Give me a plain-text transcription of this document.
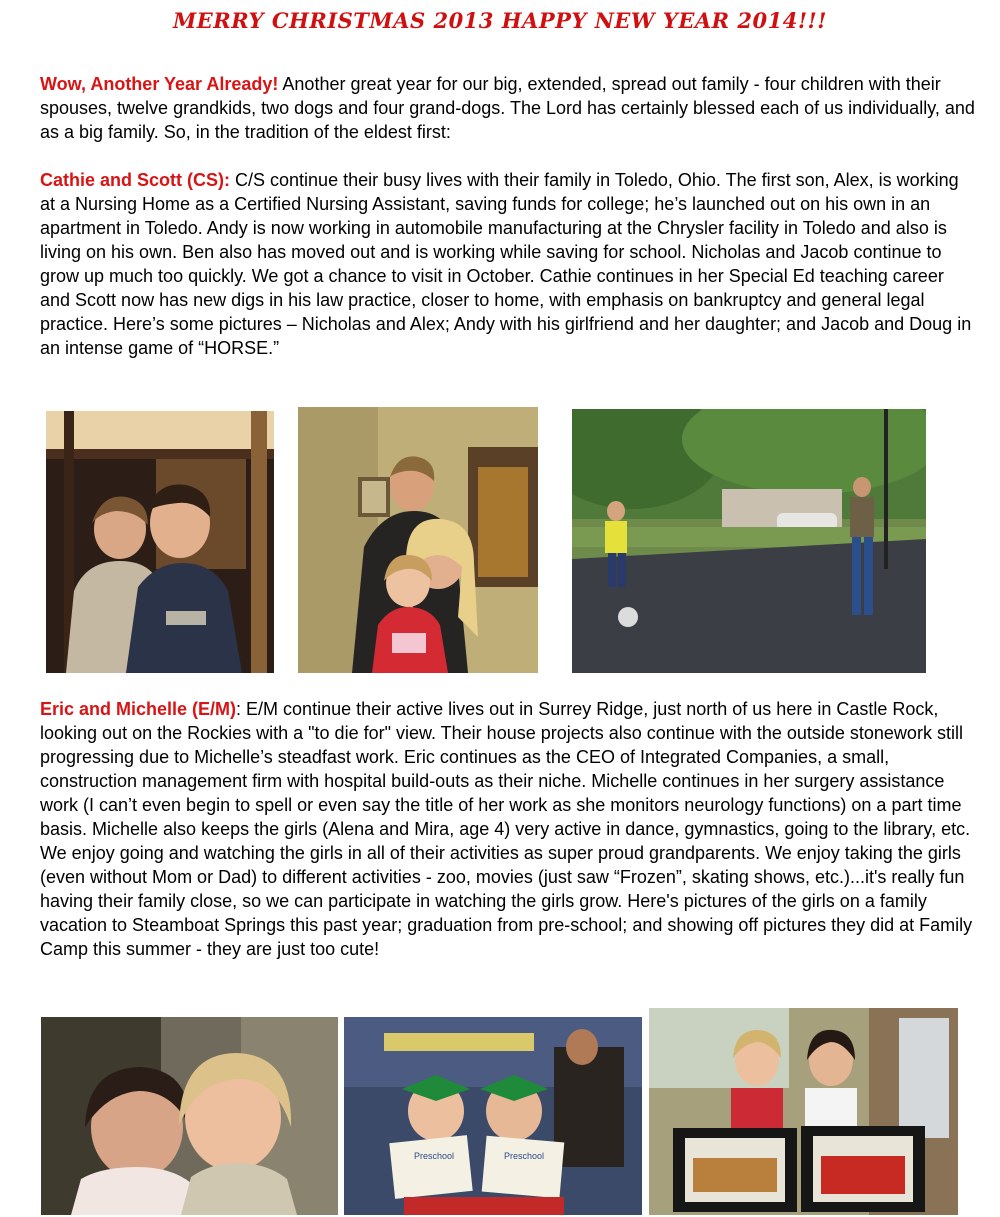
MERRY CHRISTMAS 2013 HAPPY NEW YEAR 2014!!!

Wow, Another Year Already! Another great year for our big, extended, spread out family - four children with their spouses, twelve grandkids, two dogs and four grand-dogs. The Lord has certainly blessed each of us individually, and as a big family. So, in the tradition of the eldest first:

Cathie and Scott (CS): C/S continue their busy lives with their family in Toledo, Ohio. The first son, Alex, is working at a Nursing Home as a Certified Nursing Assistant, saving funds for college; he’s launched out on his own in an apartment in Toledo. Andy is now working in automobile manufacturing at the Chrysler facility in Toledo and also is living on his own. Ben also has moved out and is working while saving for school. Nicholas and Jacob continue to grow up much too quickly. We got a chance to visit in October. Cathie continues in her Special Ed teaching career and Scott now has new digs in his law practice, closer to home, with emphasis on bankruptcy and general legal practice. Here’s some pictures – Nicholas and Alex; Andy with his girlfriend and her daughter; and Jacob and Doug in an intense game of “HORSE.”

Eric and Michelle (E/M): E/M continue their active lives out in Surrey Ridge, just north of us here in Castle Rock, looking out on the Rockies with a "to die for" view. Their house projects also continue with the outside stonework still progressing due to Michelle’s steadfast work. Eric continues as the CEO of Integrated Companies, a small, construction management firm with hospital build-outs as their niche. Michelle continues in her surgery assistance work (I can’t even begin to spell or even say the title of her work as she monitors neurology functions) on a part time basis. Michelle also keeps the girls (Alena and Mira, age 4) very active in dance, gymnastics, going to the library, etc. We enjoy going and watching the girls in all of their activities as super proud grandparents. We enjoy taking the girls (even without Mom or Dad) to different activities - zoo, movies (just saw “Frozen”, skating shows, etc.)...it's really fun having their family close, so we can participate in watching the girls grow. Here's pictures of the girls on a family vacation to Steamboat Springs this past year; graduation from pre-school; and showing off pictures they did at Family Camp this summer - they are just too cute!

Preschool	Preschool
